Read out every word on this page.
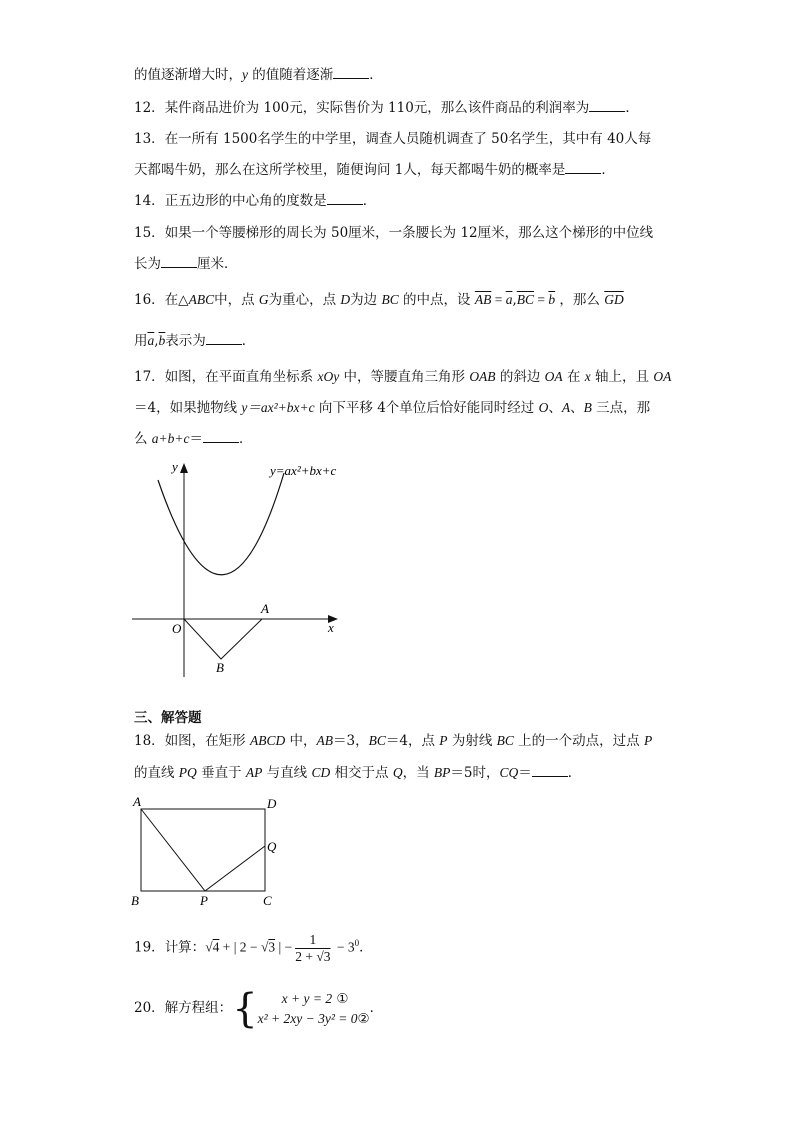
的值逐渐增大时，y 的值随着逐渐	．
12．某件商品进价为 100元，实际售价为 110元，那么该件商品的利润率为	．
13．在一所有 1500名学生的中学里，调查人员随机调查了 50名学生，其中有 40人每
天都喝牛奶，那么在这所学校里，随便询问 1人，每天都喝牛奶的概率是	．
14．正五边形的中心角的度数是	．
15．如果一个等腰梯形的周长为 50厘米，一条腰长为 12厘米，那么这个梯形的中位线
长为	厘米．
16．在△ABC中，点 G为重心，点 D为边 BC 的中点，设 $\overline{AB} = \overline{a},\overline{BC} = \overline{b}$ ，那么 $\overline{GD}$
用$\overline{a},\overline{b}$表示为	．
17．如图，在平面直角坐标系 xOy 中，等腰直角三角形 OAB 的斜边 OA 在 x 轴上，且 OA
＝4，如果抛物线 y＝ax²+bx+c 向下平移 4个单位后恰好能同时经过 O、A、B 三点，那
么 a+b+c＝	．
y=ax²+bx+c
y
x
O
A
B
三、解答题
18．如图，在矩形 ABCD 中，AB＝3，BC＝4，点 P 为射线 BC 上的一个动点，过点 P
的直线 PQ 垂直于 AP 与直线 CD 相交于点 Q，当 BP＝5时，CQ＝	．
A	D
Q
B	P	C
19．计算：√4 + | 2 − √3 | − $\frac{1}{2 + √3} - 3^0$．
20．解方程组：{	x + y = 2 ①
x² + 2xy − 3y² = 0②
．
